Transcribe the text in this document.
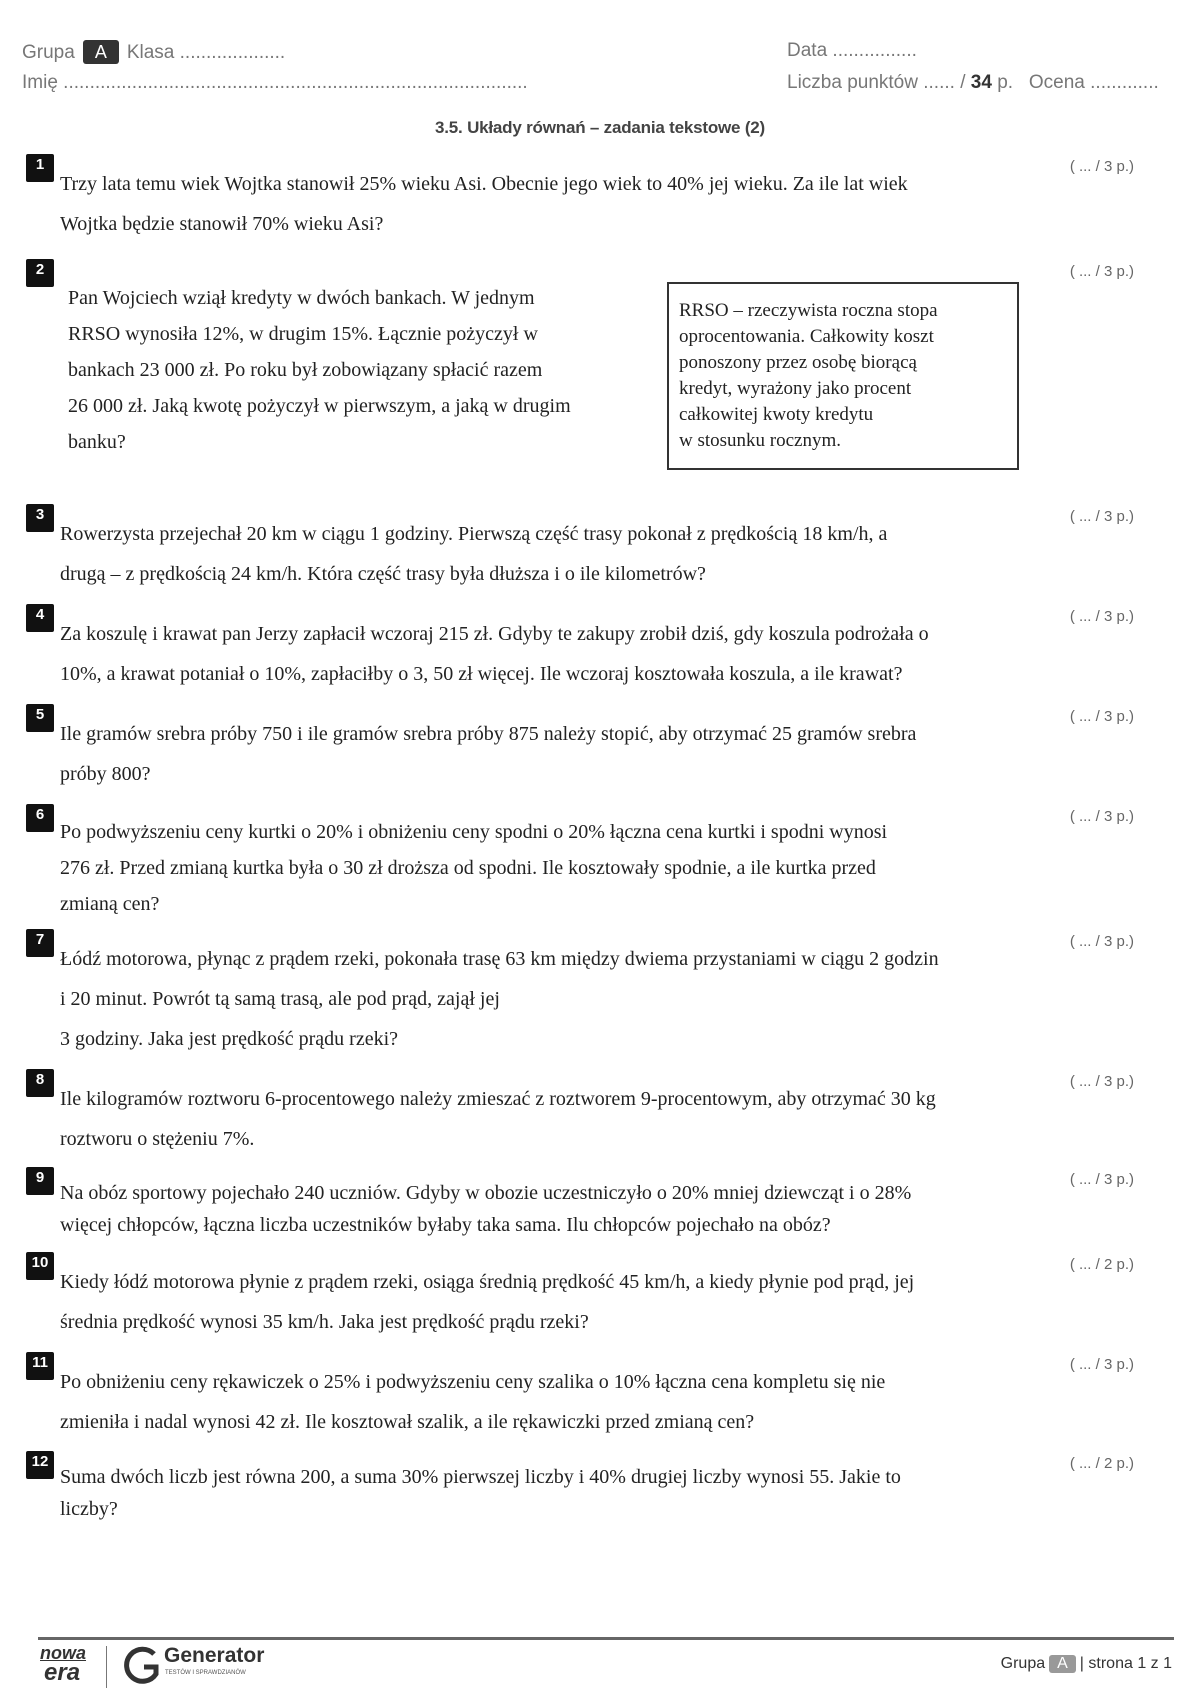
Grupa A Klasa ....................
Imię ........................................................................................
Data ................
Liczba punktów ...... / 34 p. Ocena .............
3.5. Układy równań – zadania tekstowe (2)
1	( ... / 3 p.)

Trzy lata temu wiek Wojtka stanowił 25% wieku Asi. Obecnie jego wiek to 40% jej wieku. Za ile lat wiek

Wojtka będzie stanowił 70% wieku Asi?

2	( ... / 3 p.)

Pan Wojciech wziął kredyty w dwóch bankach. W jednym

RRSO wynosiła 12%, w drugim 15%. Łącznie pożyczył w

bankach 23 000 zł. Po roku był zobowiązany spłacić razem

26 000 zł. Jaką kwotę pożyczył w pierwszym, a jaką w drugim

banku?

3	( ... / 3 p.)

Rowerzysta przejechał 20 km w ciągu 1 godziny. Pierwszą część trasy pokonał z prędkością 18 km/h, a

drugą – z prędkością 24 km/h. Która część trasy była dłuższa i o ile kilometrów?

4	( ... / 3 p.)

Za koszulę i krawat pan Jerzy zapłacił wczoraj 215 zł. Gdyby te zakupy zrobił dziś, gdy koszula podrożała o

10%, a krawat potaniał o 10%, zapłaciłby o 3, 50 zł więcej. Ile wczoraj kosztowała koszula, a ile krawat?

5	( ... / 3 p.)

Ile gramów srebra próby 750 i ile gramów srebra próby 875 należy stopić, aby otrzymać 25 gramów srebra

próby 800?

6	( ... / 3 p.)

Po podwyższeniu ceny kurtki o 20% i obniżeniu ceny spodni o 20% łączna cena kurtki i spodni wynosi

276 zł. Przed zmianą kurtka była o 30 zł droższa od spodni. Ile kosztowały spodnie, a ile kurtka przed

zmianą cen?

7	( ... / 3 p.)

Łódź motorowa, płynąc z prądem rzeki, pokonała trasę 63 km między dwiema przystaniami w ciągu 2 godzin

i 20 minut. Powrót tą samą trasą, ale pod prąd, zajął jej

3 godziny. Jaka jest prędkość prądu rzeki?

8	( ... / 3 p.)

Ile kilogramów roztworu 6-procentowego należy zmieszać z roztworem 9-procentowym, aby otrzymać 30 kg

roztworu o stężeniu 7%.

9	( ... / 3 p.)

Na obóz sportowy pojechało 240 uczniów. Gdyby w obozie uczestniczyło o 20% mniej dziewcząt i o 28%

więcej chłopców, łączna liczba uczestników byłaby taka sama. Ilu chłopców pojechało na obóz?

10	( ... / 2 p.)

Kiedy łódź motorowa płynie z prądem rzeki, osiąga średnią prędkość 45 km/h, a kiedy płynie pod prąd, jej

średnia prędkość wynosi 35 km/h. Jaka jest prędkość prądu rzeki?

11	( ... / 3 p.)

Po obniżeniu ceny rękawiczek o 25% i podwyższeniu ceny szalika o 10% łączna cena kompletu się nie

zmieniła i nadal wynosi 42 zł. Ile kosztował szalik, a ile rękawiczki przed zmianą cen?

12	( ... / 2 p.)

Suma dwóch liczb jest równa 200, a suma 30% pierwszej liczby i 40% drugiej liczby wynosi 55. Jakie to

liczby?

RRSO – rzeczywista roczna stopa
oprocentowania. Całkowity koszt
ponoszony przez osobę biorącą
kredyt, wyrażony jako procent
całkowitej kwoty kredytu
w stosunku rocznym.
nowa
era
Generator
TESTÓW I SPRAWDZIANÓW
Grupa A | strona 1 z 1
